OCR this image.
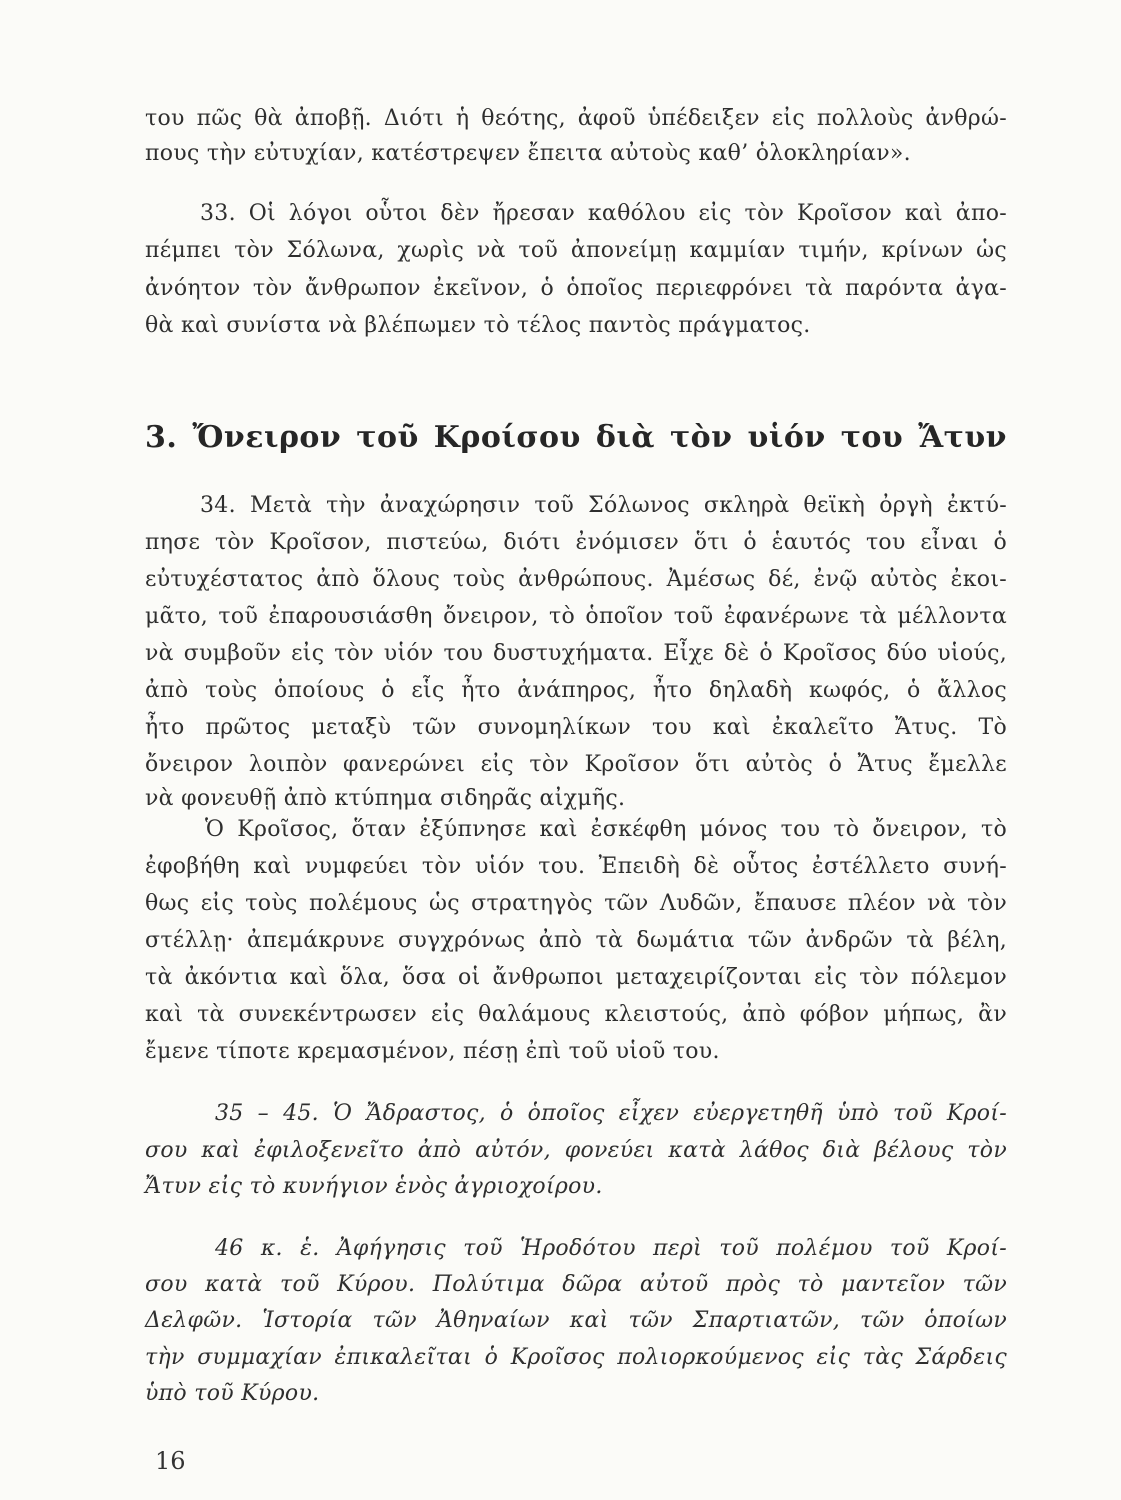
του πῶς θὰ ἀποβῇ. Διότι ἡ θεότης, ἀφοῦ ὑπέδειξεν εἰς πολλοὺς ἀνθρώ-
πους τὴν εὐτυχίαν, κατέστρεψεν ἔπειτα αὐτοὺς καθ’ ὁλοκληρίαν».
33. Οἱ λόγοι οὗτοι δὲν ἤρεσαν καθόλου εἰς τὸν Κροῖσον καὶ ἀπο-
πέμπει τὸν Σόλωνα, χωρὶς νὰ τοῦ ἀπονείμῃ καμμίαν τιμήν, κρίνων ὡς
ἀνόητον τὸν ἄνθρωπον ἐκεῖνον, ὁ ὁποῖος περιεφρόνει τὰ παρόντα ἀγα-
θὰ καὶ συνίστα νὰ βλέπωμεν τὸ τέλος παντὸς πράγματος.
3. Ὄνειρον τοῦ Κροίσου διὰ τὸν υἱόν του Ἄτυν
34. Μετὰ τὴν ἀναχώρησιν τοῦ Σόλωνος σκληρὰ θεϊκὴ ὀργὴ ἐκτύ-
πησε τὸν Κροῖσον, πιστεύω, διότι ἐνόμισεν ὅτι ὁ ἑαυτός του εἶναι ὁ
εὐτυχέστατος ἀπὸ ὅλους τοὺς ἀνθρώπους. Ἀμέσως δέ, ἐνῷ αὐτὸς ἐκοι-
μᾶτο, τοῦ ἐπαρουσιάσθη ὄνειρον, τὸ ὁποῖον τοῦ ἐφανέρωνε τὰ μέλλοντα
νὰ συμβοῦν εἰς τὸν υἱόν του δυστυχήματα. Εἶχε δὲ ὁ Κροῖσος δύο υἱούς,
ἀπὸ τοὺς ὁποίους ὁ εἷς ἦτο ἀνάπηρος, ἦτο δηλαδὴ κωφός, ὁ ἄλλος
ἦτο πρῶτος μεταξὺ τῶν συνομηλίκων του καὶ ἐκαλεῖτο Ἄτυς. Τὸ
ὄνειρον λοιπὸν φανερώνει εἰς τὸν Κροῖσον ὅτι αὐτὸς ὁ Ἄτυς ἔμελλε
νὰ φονευθῇ ἀπὸ κτύπημα σιδηρᾶς αἰχμῆς.
Ὁ Κροῖσος, ὅταν ἐξύπνησε καὶ ἐσκέφθη μόνος του τὸ ὄνειρον, τὸ
ἐφοβήθη καὶ νυμφεύει τὸν υἱόν του. Ἐπειδὴ δὲ οὗτος ἐστέλλετο συνή-
θως εἰς τοὺς πολέμους ὡς στρατηγὸς τῶν Λυδῶν, ἔπαυσε πλέον νὰ τὸν
στέλλῃ· ἀπεμάκρυνε συγχρόνως ἀπὸ τὰ δωμάτια τῶν ἀνδρῶν τὰ βέλη,
τὰ ἀκόντια καὶ ὅλα, ὅσα οἱ ἄνθρωποι μεταχειρίζονται εἰς τὸν πόλεμον
καὶ τὰ συνεκέντρωσεν εἰς θαλάμους κλειστούς, ἀπὸ φόβον μήπως, ἂν
ἔμενε τίποτε κρεμασμένον, πέσῃ ἐπὶ τοῦ υἱοῦ του.
35 – 45. Ὁ Ἄδραστος, ὁ ὁποῖος εἶχεν εὐεργετηθῆ ὑπὸ τοῦ Κροί-
σου καὶ ἐφιλοξενεῖτο ἀπὸ αὐτόν, φονεύει κατὰ λάθος διὰ βέλους τὸν
Ἄτυν εἰς τὸ κυνήγιον ἑνὸς ἀγριοχοίρου.
46 κ. ἑ. Ἀφήγησις τοῦ Ἡροδότου περὶ τοῦ πολέμου τοῦ Κροί-
σου κατὰ τοῦ Κύρου. Πολύτιμα δῶρα αὐτοῦ πρὸς τὸ μαντεῖον τῶν
Δελφῶν. Ἱστορία τῶν Ἀθηναίων καὶ τῶν Σπαρτιατῶν, τῶν ὁποίων
τὴν συμμαχίαν ἐπικαλεῖται ὁ Κροῖσος πολιορκούμενος εἰς τὰς Σάρδεις
ὑπὸ τοῦ Κύρου.
16
